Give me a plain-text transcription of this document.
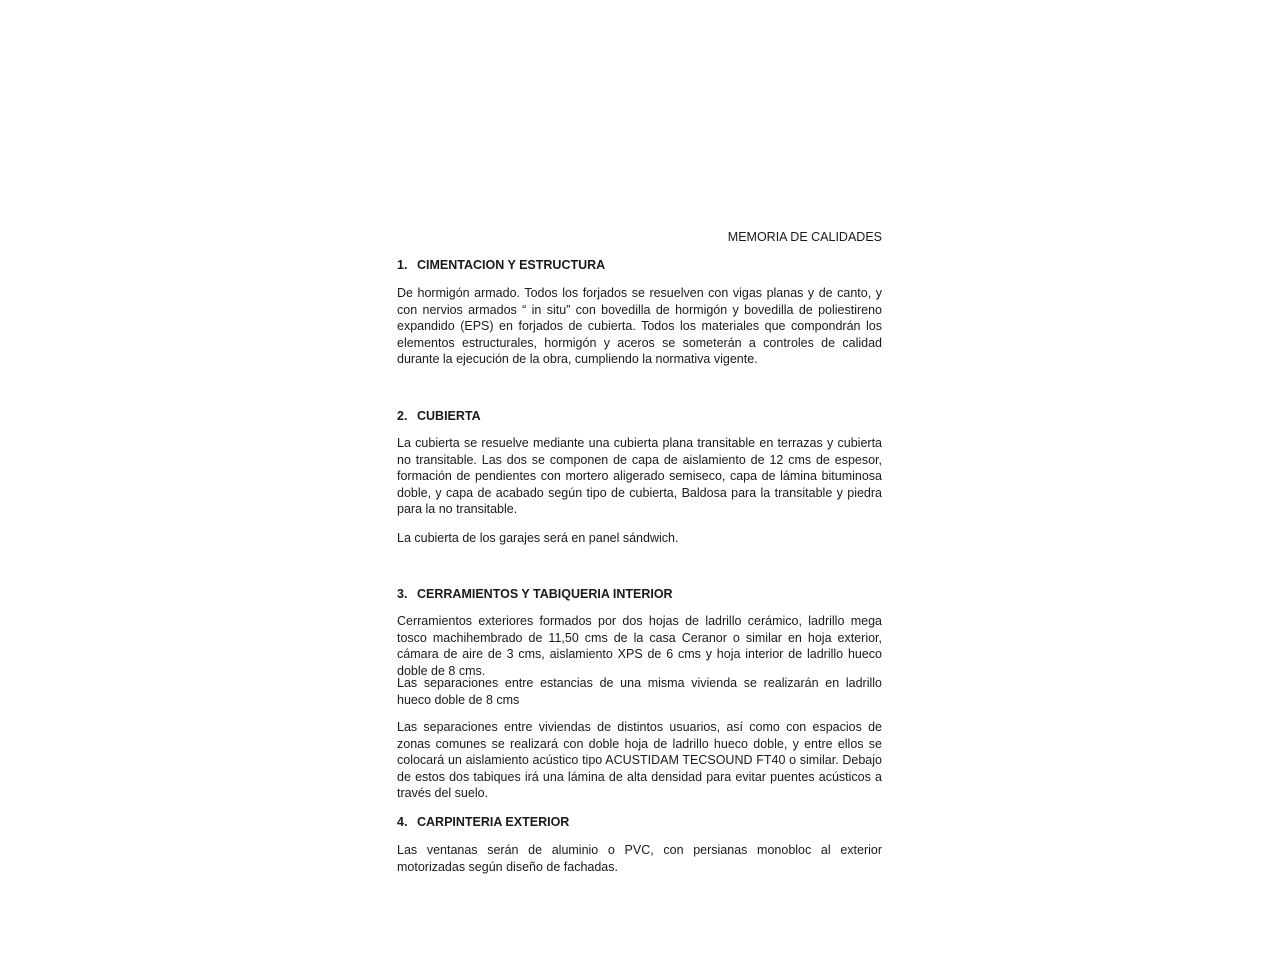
MEMORIA DE CALIDADES
1. CIMENTACION Y ESTRUCTURA

De hormigón armado. Todos los forjados se resuelven con vigas planas y de canto, y con nervios armados “ in situ” con bovedilla de hormigón y bovedilla de poliestireno expandido (EPS) en forjados de cubierta. Todos los materiales que compondrán los elementos estructurales, hormigón y aceros se someterán a controles de calidad durante la ejecución de la obra, cumpliendo la normativa vigente.

2. CUBIERTA

La cubierta se resuelve mediante una cubierta plana transitable en terrazas y cubierta no transitable. Las dos se componen de capa de aislamiento de 12 cms de espesor, formación de pendientes con mortero aligerado semiseco, capa de lámina bituminosa doble, y capa de acabado según tipo de cubierta, Baldosa para la transitable y piedra para la no transitable.

La cubierta de los garajes será en panel sándwich.

3. CERRAMIENTOS Y TABIQUERIA INTERIOR

Cerramientos exteriores formados por dos hojas de ladrillo cerámico, ladrillo mega tosco machihembrado de 11,50 cms de la casa Ceranor o similar en hoja exterior, cámara de aire de 3 cms, aislamiento XPS de 6 cms y hoja interior de ladrillo hueco doble de 8 cms.

Las separaciones entre estancias de una misma vivienda se realizarán en ladrillo hueco doble de 8 cms

Las separaciones entre viviendas de distintos usuarios, así como con espacios de zonas comunes se realizará con doble hoja de ladrillo hueco doble, y entre ellos se colocará un aislamiento acústico tipo ACUSTIDAM TECSOUND FT40 o similar. Debajo de estos dos tabiques irá una lámina de alta densidad para evitar puentes acústicos a través del suelo.

4. CARPINTERIA EXTERIOR

Las ventanas serán de aluminio o PVC, con persianas monobloc al exterior motorizadas según diseño de fachadas.
